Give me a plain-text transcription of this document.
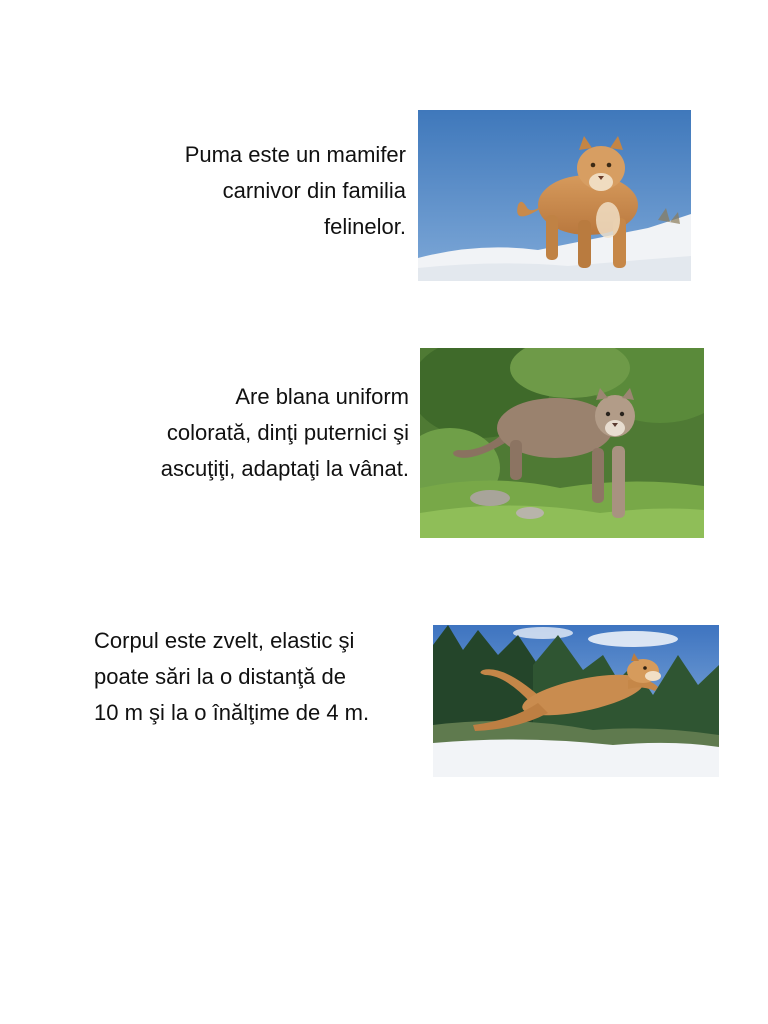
Puma este un mamifer
carnivor din familia
felinelor.

Are blana uniform
colorată, dinţi puternici şi
ascuţiţi, adaptaţi la vânat.

Corpul este zvelt, elastic şi
poate sări la o distanţă de
10 m şi la o înălţime de 4 m.
